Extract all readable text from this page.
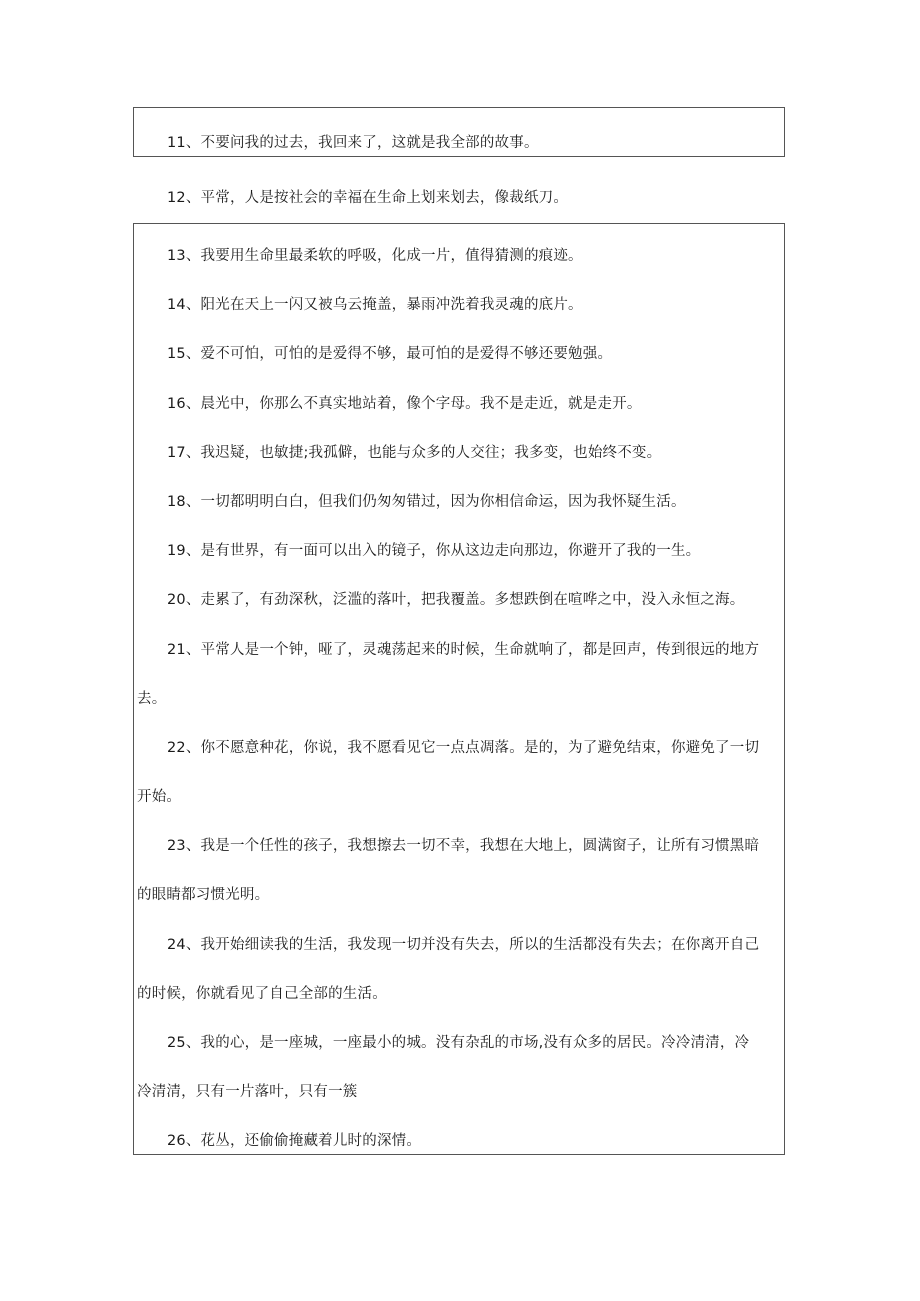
11、不要问我的过去，我回来了，这就是我全部的故事。
12、平常，人是按社会的幸福在生命上划来划去，像裁纸刀。
13、我要用生命里最柔软的呼吸，化成一片，值得猜测的痕迹。
14、阳光在天上一闪又被乌云掩盖，暴雨冲洗着我灵魂的底片。
15、爱不可怕，可怕的是爱得不够，最可怕的是爱得不够还要勉强。
16、晨光中，你那么不真实地站着，像个字母。我不是走近，就是走开。
17、我迟疑，也敏捷;我孤僻，也能与众多的人交往；我多变，也始终不变。
18、一切都明明白白，但我们仍匆匆错过，因为你相信命运，因为我怀疑生活。
19、是有世界，有一面可以出入的镜子，你从这边走向那边，你避开了我的一生。
20、走累了，有劲深秋，泛滥的落叶，把我覆盖。多想跌倒在喧哗之中，没入永恒之海。
21、平常人是一个钟，哑了，灵魂荡起来的时候，生命就响了，都是回声，传到很远的地方
去。
22、你不愿意种花，你说，我不愿看见它一点点凋落。是的，为了避免结束，你避免了一切
开始。
23、我是一个任性的孩子，我想擦去一切不幸，我想在大地上，圆满窗子，让所有习惯黑暗
的眼睛都习惯光明。
24、我开始细读我的生活，我发现一切并没有失去，所以的生活都没有失去；在你离开自己
的时候，你就看见了自己全部的生活。
25、我的心，是一座城，一座最小的城。没有杂乱的市场,没有众多的居民。冷冷清清，冷
冷清清，只有一片落叶，只有一簇
26、花丛，还偷偷掩藏着儿时的深情。
